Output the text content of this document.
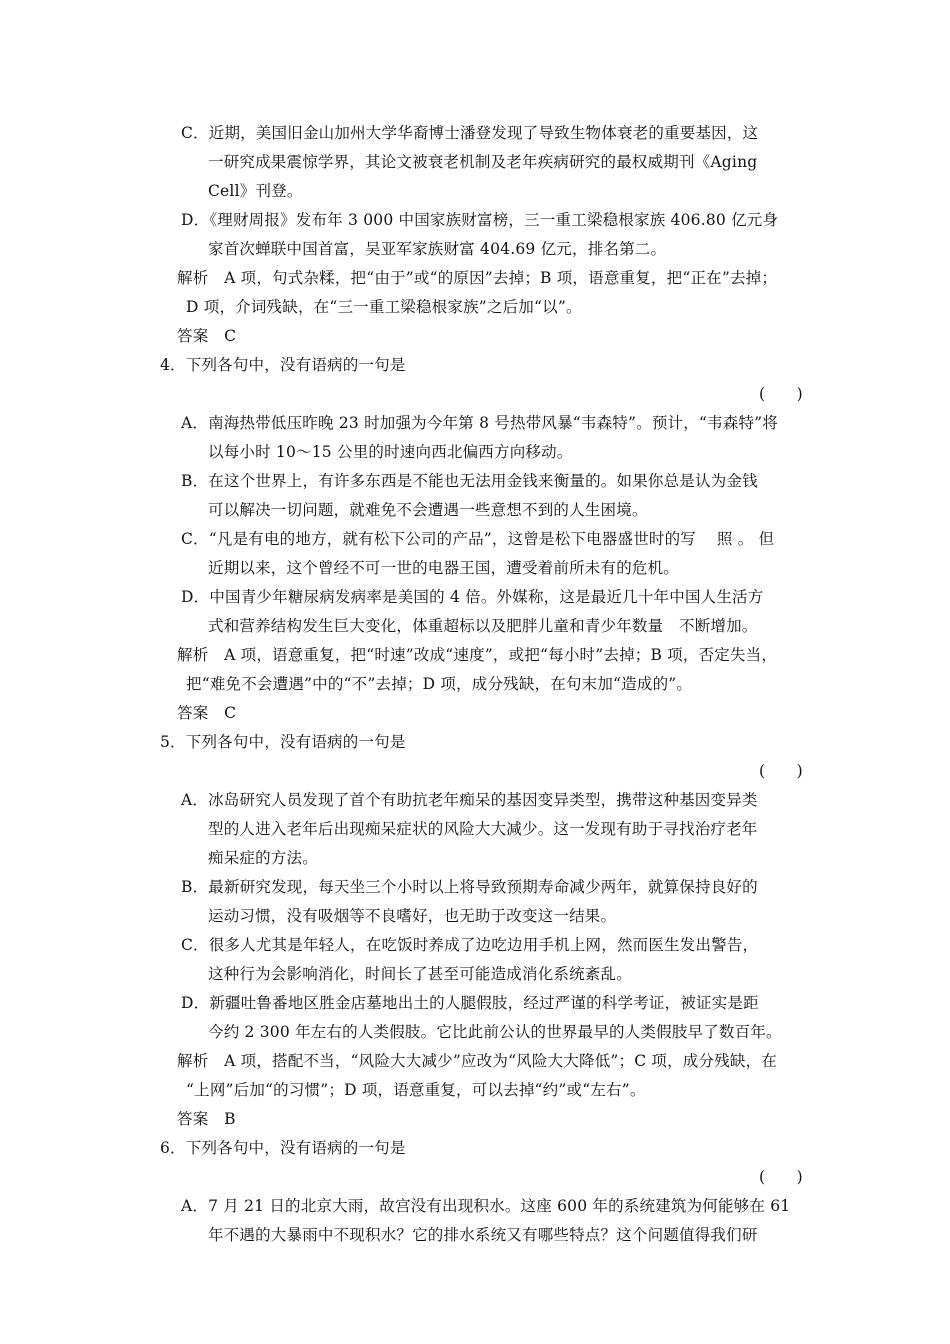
C．近期，美国旧金山加州大学华裔博士潘登发现了导致生物体衰老的重要基因，这
一研究成果震惊学界，其论文被衰老机制及老年疾病研究的最权威期刊《Aging
Cell》刊登。
D．《理财周报》发布年 3 000 中国家族财富榜，三一重工梁稳根家族 406.80 亿元身
家首次蝉联中国首富，吴亚军家族财富 404.69 亿元，排名第二。
解析　A 项，句式杂糅，把“由于”或“的原因”去掉；B 项，语意重复，把“正在”去掉；
D 项，介词残缺，在“三一重工梁稳根家族”之后加“以”。
答案　C
4．下列各句中，没有语病的一句是
(　　)
A．南海热带低压昨晚 23 时加强为今年第 8 号热带风暴“韦森特”。预计，“韦森特”将
以每小时 10～15 公里的时速向西北偏西方向移动。
B．在这个世界上，有许多东西是不能也无法用金钱来衡量的。如果你总是认为金钱
可以解决一切问题，就难免不会遭遇一些意想不到的人生困境。
C．“凡是有电的地方，就有松下公司的产品”，这曾是松下电器盛世时的写　 照 。 但
近期以来，这个曾经不可一世的电器王国，遭受着前所未有的危机。
D．中国青少年糖尿病发病率是美国的 4 倍。外媒称，这是最近几十年中国人生活方
式和营养结构发生巨大变化，体重超标以及肥胖儿童和青少年数量　不断增加。
解析　A 项，语意重复，把“时速”改成“速度”，或把“每小时”去掉；B 项，否定失当，
把“难免不会遭遇”中的“不”去掉；D 项，成分残缺，在句末加“造成的”。
答案　C
5．下列各句中，没有语病的一句是
(　　)
A．冰岛研究人员发现了首个有助抗老年痴呆的基因变异类型，携带这种基因变异类
型的人进入老年后出现痴呆症状的风险大大减少。这一发现有助于寻找治疗老年
痴呆症的方法。
B．最新研究发现，每天坐三个小时以上将导致预期寿命减少两年，就算保持良好的
运动习惯，没有吸烟等不良嗜好，也无助于改变这一结果。
C．很多人尤其是年轻人，在吃饭时养成了边吃边用手机上网，然而医生发出警告，
这种行为会影响消化，时间长了甚至可能造成消化系统紊乱。
D．新疆吐鲁番地区胜金店墓地出土的人腿假肢，经过严谨的科学考证，被证实是距
今约 2 300 年左右的人类假肢。它比此前公认的世界最早的人类假肢早了数百年。
解析　A 项，搭配不当，“风险大大减少”应改为“风险大大降低”；C 项，成分残缺，在
“上网”后加“的习惯”；D 项，语意重复，可以去掉“约”或“左右”。
答案　B
6．下列各句中，没有语病的一句是
(　　)
A．7 月 21 日的北京大雨，故宫没有出现积水。这座 600 年的系统建筑为何能够在 61
年不遇的大暴雨中不现积水？它的排水系统又有哪些特点？这个问题值得我们研
